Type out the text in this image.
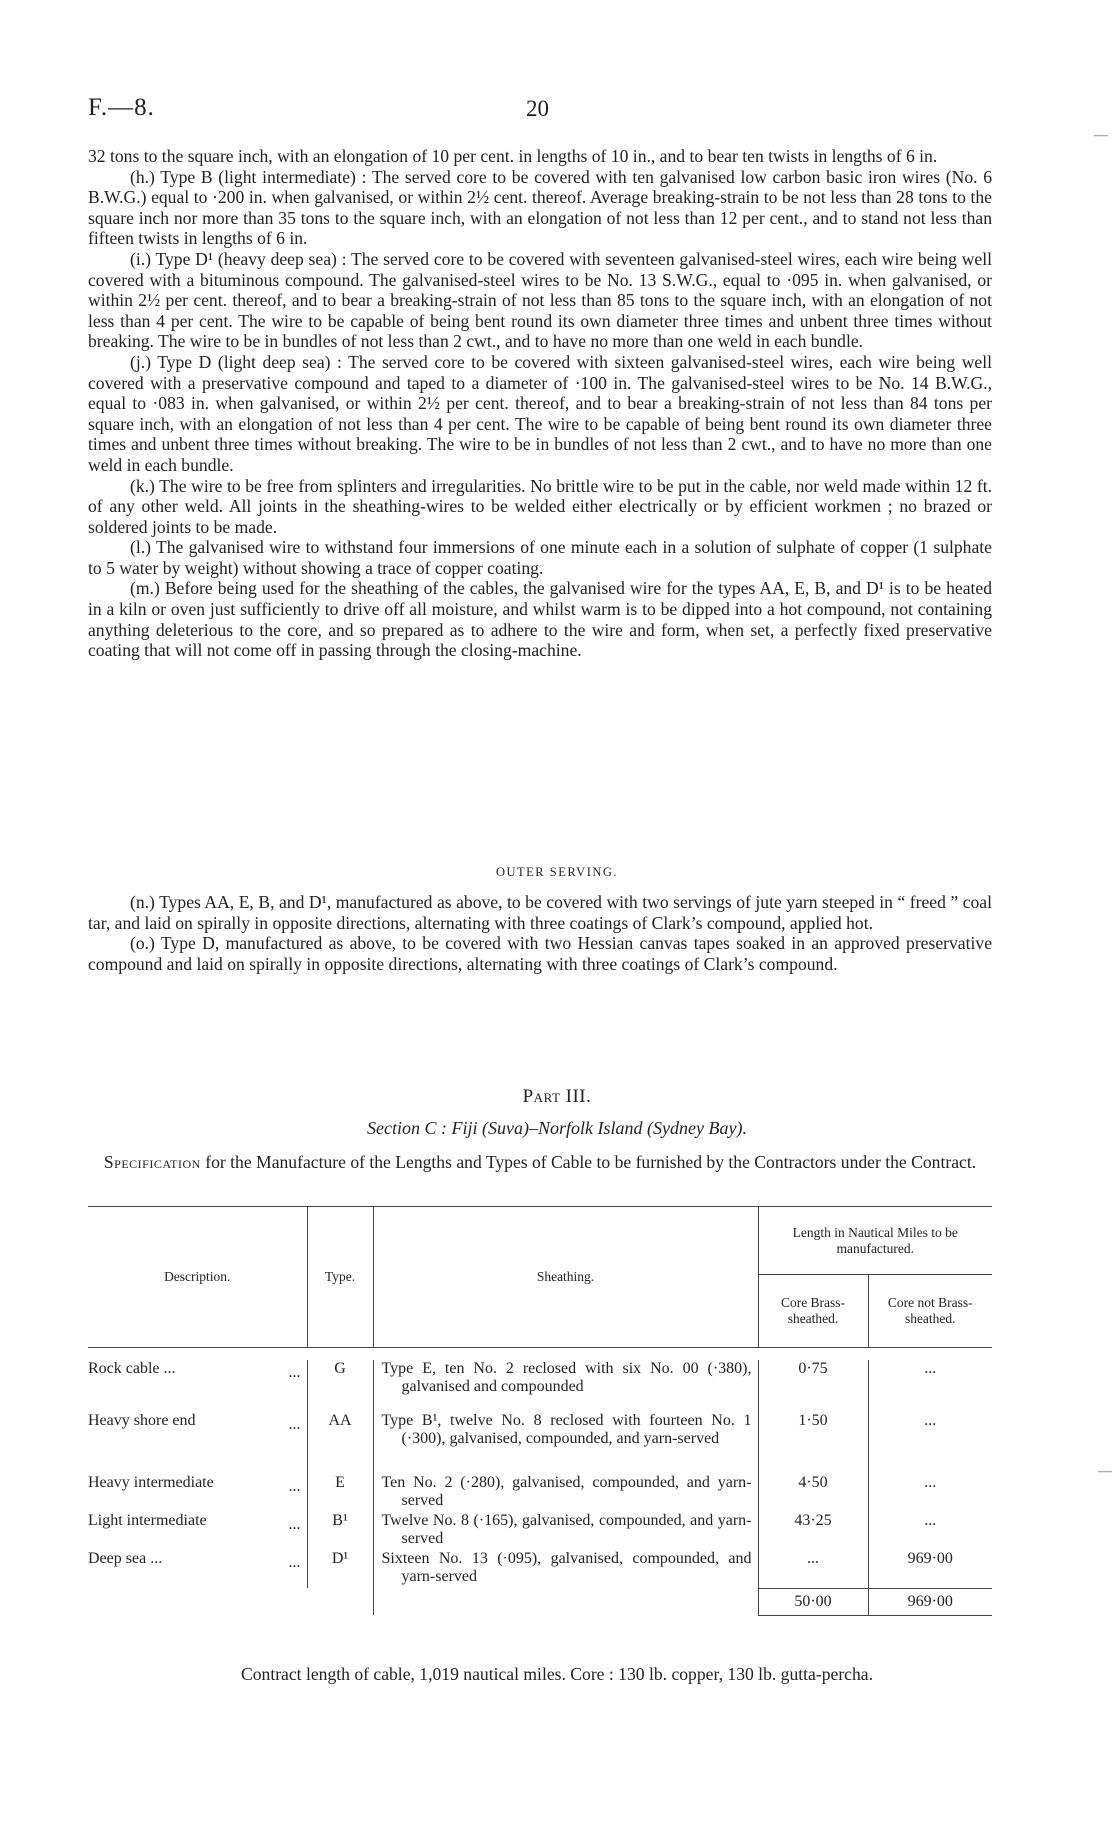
F.—8.	20
—

32 tons to the square inch, with an elongation of 10 per cent. in lengths of 10 in., and to bear ten twists in lengths of 6 in.

(h.) Type B (light intermediate) : The served core to be covered with ten galvanised low carbon basic iron wires (No. 6 B.W.G.) equal to ·200 in. when galvanised, or within 2½ cent. thereof. Average breaking-strain to be not less than 28 tons to the square inch nor more than 35 tons to the square inch, with an elongation of not less than 12 per cent., and to stand not less than fifteen twists in lengths of 6 in.

(i.) Type D¹ (heavy deep sea) : The served core to be covered with seventeen galvanised-steel wires, each wire being well covered with a bituminous compound. The galvanised-steel wires to be No. 13 S.W.G., equal to ·095 in. when galvanised, or within 2½ per cent. thereof, and to bear a breaking-strain of not less than 85 tons to the square inch, with an elongation of not less than 4 per cent. The wire to be capable of being bent round its own diameter three times and unbent three times without breaking. The wire to be in bundles of not less than 2 cwt., and to have no more than one weld in each bundle.

(j.) Type D (light deep sea) : The served core to be covered with sixteen galvanised-steel wires, each wire being well covered with a preservative compound and taped to a diameter of ·100 in. The galvanised-steel wires to be No. 14 B.W.G., equal to ·083 in. when galvanised, or within 2½ per cent. thereof, and to bear a breaking-strain of not less than 84 tons per square inch, with an elongation of not less than 4 per cent. The wire to be capable of being bent round its own diameter three times and unbent three times without breaking. The wire to be in bundles of not less than 2 cwt., and to have no more than one weld in each bundle.

(k.) The wire to be free from splinters and irregularities. No brittle wire to be put in the cable, nor weld made within 12 ft. of any other weld. All joints in the sheathing-wires to be welded either electrically or by efficient workmen ; no brazed or soldered joints to be made.

(l.) The galvanised wire to withstand four immersions of one minute each in a solution of sulphate of copper (1 sulphate to 5 water by weight) without showing a trace of copper coating.

(m.) Before being used for the sheathing of the cables, the galvanised wire for the types AA, E, B, and D¹ is to be heated in a kiln or oven just sufficiently to drive off all moisture, and whilst warm is to be dipped into a hot compound, not containing anything deleterious to the core, and so prepared as to adhere to the wire and form, when set, a perfectly fixed preservative coating that will not come off in passing through the closing-machine.

OUTER SERVING.

(n.) Types AA, E, B, and D¹, manufactured as above, to be covered with two servings of jute yarn steeped in “ freed ” coal tar, and laid on spirally in opposite directions, alternating with three coatings of Clark’s compound, applied hot.

(o.) Type D, manufactured as above, to be covered with two Hessian canvas tapes soaked in an approved preservative compound and laid on spirally in opposite directions, alternating with three coatings of Clark’s compound.

Part III.
Section C : Fiji (Suva)–Norfolk Island (Sydney Bay).
Specification for the Manufacture of the Lengths and Types of Cable to be furnished by the Contractors under the Contract.
Description.	Type.	Sheathing.	Length in Nautical Miles to be manufactured.	
			Core Brass-sheathed.	Core not Brass-sheathed.

Rock cable ... ...	G	Type E, ten No. 2 reclosed with six No. 00 (·380), galvanised and compounded	0·75	...
Heavy shore end ...	AA	Type B¹, twelve No. 8 reclosed with fourteen No. 1 (·300), galvanised, compounded, and yarn-served	1·50	...
Heavy intermediate ...	E	Ten No. 2 (·280), galvanised, compounded, and yarn-served	4·50	...
Light intermediate ...	B¹	Twelve No. 8 (·165), galvanised, compounded, and yarn-served	43·25	...
Deep sea ... ...	D¹	Sixteen No. 13 (·095), galvanised, compounded, and yarn-served	...	969·00
			50·00	969·00
Contract length of cable, 1,019 nautical miles. Core : 130 lb. copper, 130 lb. gutta-percha.
—
